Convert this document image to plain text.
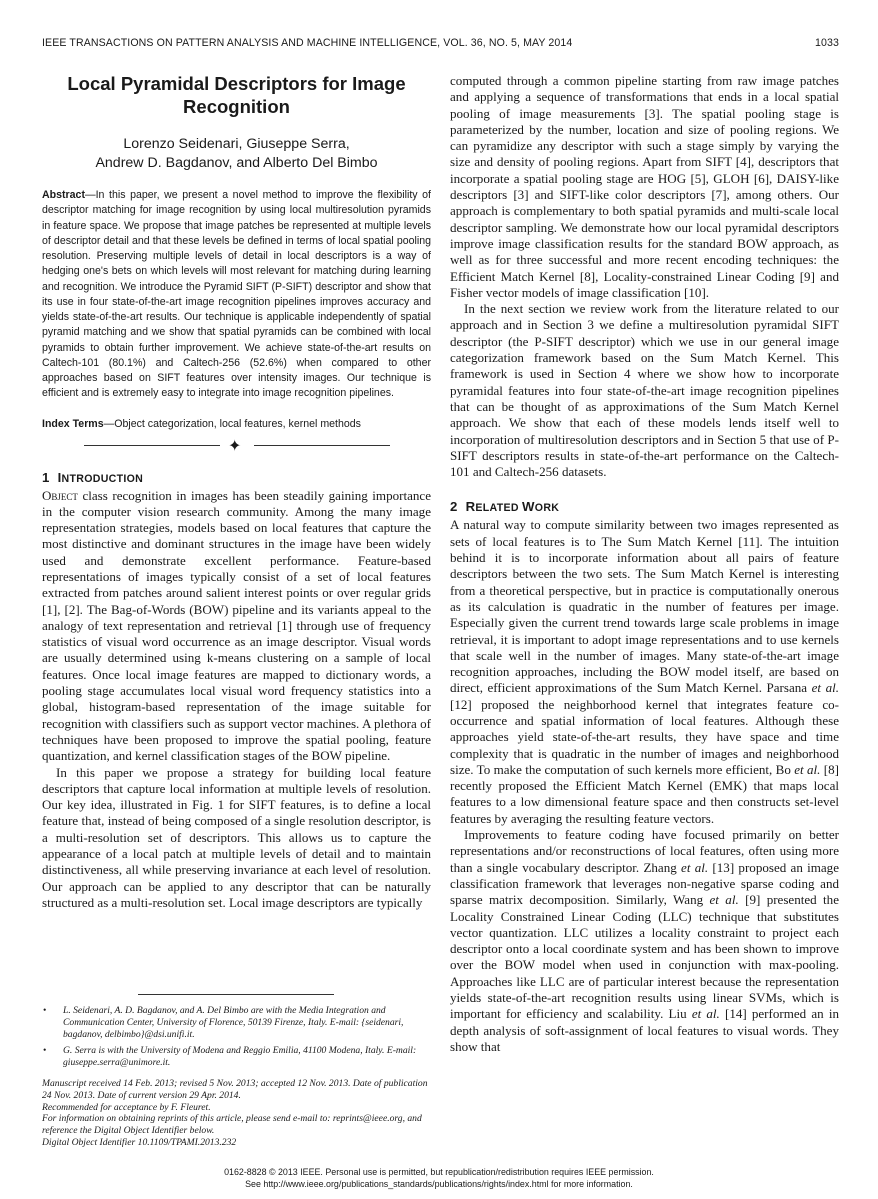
IEEE TRANSACTIONS ON PATTERN ANALYSIS AND MACHINE INTELLIGENCE, VOL. 36, NO. 5, MAY 2014	1033
Local Pyramidal Descriptors for Image Recognition
Lorenzo Seidenari, Giuseppe Serra,
Andrew D. Bagdanov, and Alberto Del Bimbo
Abstract—In this paper, we present a novel method to improve the flexibility of descriptor matching for image recognition by using local multiresolution pyramids in feature space. We propose that image patches be represented at multiple levels of descriptor detail and that these levels be defined in terms of local spatial pooling resolution. Preserving multiple levels of detail in local descriptors is a way of hedging one's bets on which levels will most relevant for matching during learning and recognition. We introduce the Pyramid SIFT (P-SIFT) descriptor and show that its use in four state-of-the-art image recognition pipelines improves accuracy and yields state-of-the-art results. Our technique is applicable independently of spatial pyramid matching and we show that spatial pyramids can be combined with local pyramids to obtain further improvement. We achieve state-of-the-art results on Caltech-101 (80.1%) and Caltech-256 (52.6%) when compared to other approaches based on SIFT features over intensity images. Our technique is efficient and is extremely easy to integrate into image recognition pipelines.
Index Terms—Object categorization, local features, kernel methods
✦
1 INTRODUCTION

Object class recognition in images has been steadily gaining importance in the computer vision research community. Among the many image representation strategies, models based on local features that capture the most distinctive and dominant structures in the image have been widely used and demonstrate excellent performance. Feature-based representations of images typically consist of a set of local features extracted from patches around salient interest points or over regular grids [1], [2]. The Bag-of-Words (BOW) pipeline and its variants appeal to the analogy of text representation and retrieval [1] through use of frequency statistics of visual word occurrence as an image descriptor. Visual words are usually determined using k-means clustering on a sample of local features. Once local image features are mapped to dictionary words, a pooling stage accumulates local visual word frequency statistics into a global, histogram-based representation of the image suitable for recognition with classifiers such as support vector machines. A plethora of techniques have been proposed to improve the spatial pooling, feature quantization, and kernel classification stages of the BOW pipeline.

In this paper we propose a strategy for building local feature descriptors that capture local information at multiple levels of resolution. Our key idea, illustrated in Fig. 1 for SIFT features, is to define a local feature that, instead of being composed of a single resolution descriptor, is a multi-resolution set of descriptors. This allows us to capture the appearance of a local patch at multiple levels of detail and to maintain distinctiveness, all while preserving invariance at each level of resolution. Our approach can be applied to any descriptor that can be naturally structured as a multi-resolution set. Local image descriptors are typically

• L. Seidenari, A. D. Bagdanov, and A. Del Bimbo are with the Media Integration and Communication Center, University of Florence, 50139 Firenze, Italy. E-mail: {seidenari, bagdanov, delbimbo}@dsi.unifi.it.
• G. Serra is with the University of Modena and Reggio Emilia, 41100 Modena, Italy. E-mail: giuseppe.serra@unimore.it.
Manuscript received 14 Feb. 2013; revised 5 Nov. 2013; accepted 12 Nov. 2013. Date of publication 24 Nov. 2013. Date of current version 29 Apr. 2014.
Recommended for acceptance by F. Fleuret.
For information on obtaining reprints of this article, please send e-mail to: reprints@ieee.org, and reference the Digital Object Identifier below.
Digital Object Identifier 10.1109/TPAMI.2013.232

computed through a common pipeline starting from raw image patches and applying a sequence of transformations that ends in a local spatial pooling of image measurements [3]. The spatial pooling stage is parameterized by the number, location and size of pooling regions. We can pyramidize any descriptor with such a stage simply by varying the size and density of pooling regions. Apart from SIFT [4], descriptors that incorporate a spatial pooling stage are HOG [5], GLOH [6], DAISY-like descriptors [3] and SIFT-like color descriptors [7], among others. Our approach is complementary to both spatial pyramids and multi-scale local descriptor sampling. We demonstrate how our local pyramidal descriptors improve image classification results for the standard BOW approach, as well as for three successful and more recent encoding techniques: the Efficient Match Kernel [8], Locality-constrained Linear Coding [9] and Fisher vector models of image classification [10].

In the next section we review work from the literature related to our approach and in Section 3 we define a multiresolution pyramidal SIFT descriptor (the P-SIFT descriptor) which we use in our general image categorization framework based on the Sum Match Kernel. This framework is used in Section 4 where we show how to incorporate pyramidal features into four state-of-the-art image recognition pipelines that can be thought of as approximations of the Sum Match Kernel approach. We show that each of these models lends itself well to incorporation of multiresolution descriptors and in Section 5 that use of P-SIFT descriptors results in state-of-the-art performance on the Caltech-101 and Caltech-256 datasets.

2 RELATED WORK

A natural way to compute similarity between two images represented as sets of local features is to The Sum Match Kernel [11]. The intuition behind it is to incorporate information about all pairs of feature descriptors between the two sets. The Sum Match Kernel is interesting from a theoretical perspective, but in practice is computationally onerous as its calculation is quadratic in the number of features per image. Especially given the current trend towards large scale problems in image retrieval, it is important to adopt image representations and to use kernels that scale well in the number of images. Many state-of-the-art image recognition approaches, including the BOW model itself, are based on direct, efficient approximations of the Sum Match Kernel. Parsana et al. [12] proposed the neighborhood kernel that integrates feature co-occurrence and spatial information of local features. Although these approaches yield state-of-the-art results, they have space and time complexity that is quadratic in the number of images and neighborhood size. To make the computation of such kernels more efficient, Bo et al. [8] recently proposed the Efficient Match Kernel (EMK) that maps local features to a low dimensional feature space and then constructs set-level features by averaging the resulting feature vectors.

Improvements to feature coding have focused primarily on better representations and/or reconstructions of local features, often using more than a single vocabulary descriptor. Zhang et al. [13] proposed an image classification framework that leverages non-negative sparse coding and sparse matrix decomposition. Similarly, Wang et al. [9] presented the Locality Constrained Linear Coding (LLC) technique that substitutes vector quantization. LLC utilizes a locality constraint to project each descriptor onto a local coordinate system and has been shown to improve over the BOW model when used in conjunction with max-pooling. Approaches like LLC are of particular interest because the representation yields state-of-the-art recognition results using linear SVMs, which is important for efficiency and scalability. Liu et al. [14] performed an in depth analysis of soft-assignment of local features to visual words. They show that

0162-8828 © 2013 IEEE. Personal use is permitted, but republication/redistribution requires IEEE permission.
See http://www.ieee.org/publications_standards/publications/rights/index.html for more information.
